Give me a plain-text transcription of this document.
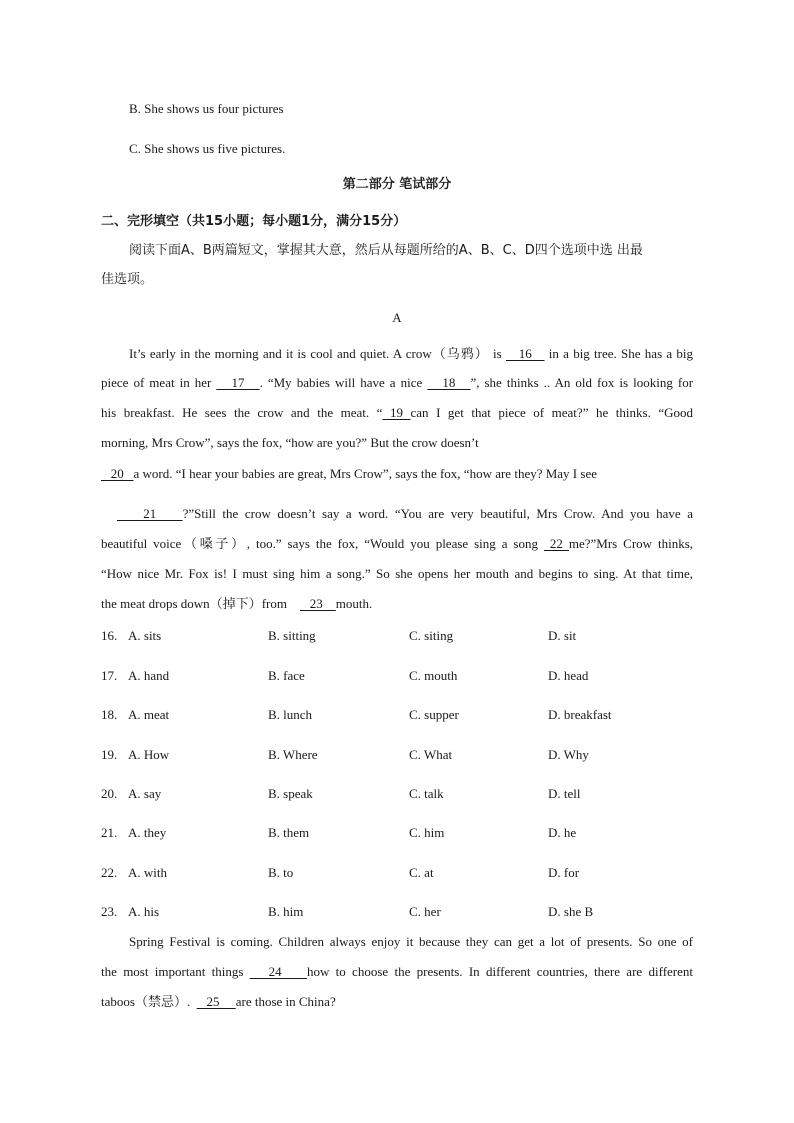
B. She shows us four pictures
C. She shows us five pictures.
第二部分 笔试部分
二、完形填空（共15小题；每小题1分，满分15分）
阅读下面A、B两篇短文，掌握其大意，然后从每题所给的A、B、C、D四个选项中选 出最
佳选项。
A
It’s early in the morning and it is cool and quiet. A crow（乌鸦） is    16    in a big tree. She has a big
piece of meat in her    17   . “My babies will have a nice    18   ”, she thinks .. An old fox is looking for
his breakfast. He sees the crow and the meat. “ 19 can I get that piece of meat?” he thinks. “Good
morning, Mrs Crow”, says the fox, “how are you?” But the crow doesn’t
20   a word. “I hear your babies are great, Mrs Crow”, says the fox, “how are they? May I see
21    ?”Still the crow doesn’t say a word. “You are very beautiful, Mrs Crow. And you have a
beautiful voice（嗓子）, too.” says the fox, “Would you please sing a song  22 me?”Mrs Crow thinks,
“How nice Mr. Fox is! I must sing him a song.” So she opens her mouth and begins to sing. At that time,
the meat drops down（掉下）from       23    mouth.
16. A. sits	B. sitting	C. siting	D. sit
17. A. hand	B. face	C. mouth	D. head
18. A. meat	B. lunch	C. supper	D. breakfast
19. A. How	B. Where	C. What	D. Why
20. A. say	B. speak	C. talk	D. tell
21. A. they	B. them	C. him	D. he
22. A. with	B. to	C. at	D. for
23. A. his	B. him	C. her	D. she B
Spring Festival is coming. Children always enjoy it because they can get a lot of presents. So one of
the most important things    24    how to choose the presents. In different countries, there are different
taboos（禁忌）.     25     are those in China?
